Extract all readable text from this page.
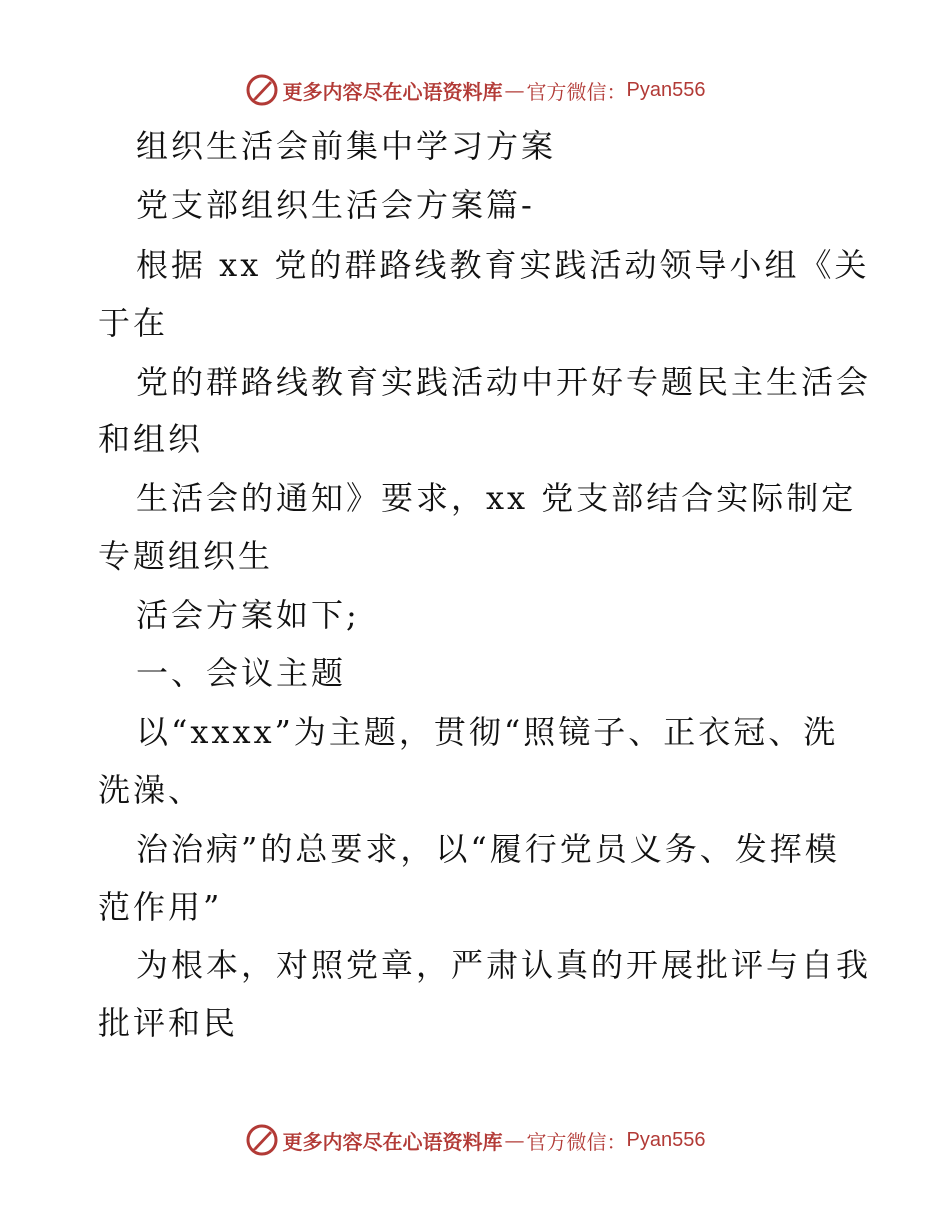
更多内容尽在心语资料库 — 官方微信： Pyan556
组织生活会前集中学习方案
党支部组织生活会方案篇-
根据 xx 党的群路线教育实践活动领导小组《关
于在
党的群路线教育实践活动中开好专题民主生活会
和组织
生活会的通知》要求，xx 党支部结合实际制定
专题组织生
活会方案如下;
一、会议主题
以“xxxx”为主题，贯彻“照镜子、正衣冠、洗
洗澡、
治治病”的总要求，以“履行党员义务、发挥模
范作用”
为根本，对照党章，严肃认真的开展批评与自我
批评和民
更多内容尽在心语资料库 — 官方微信： Pyan556
